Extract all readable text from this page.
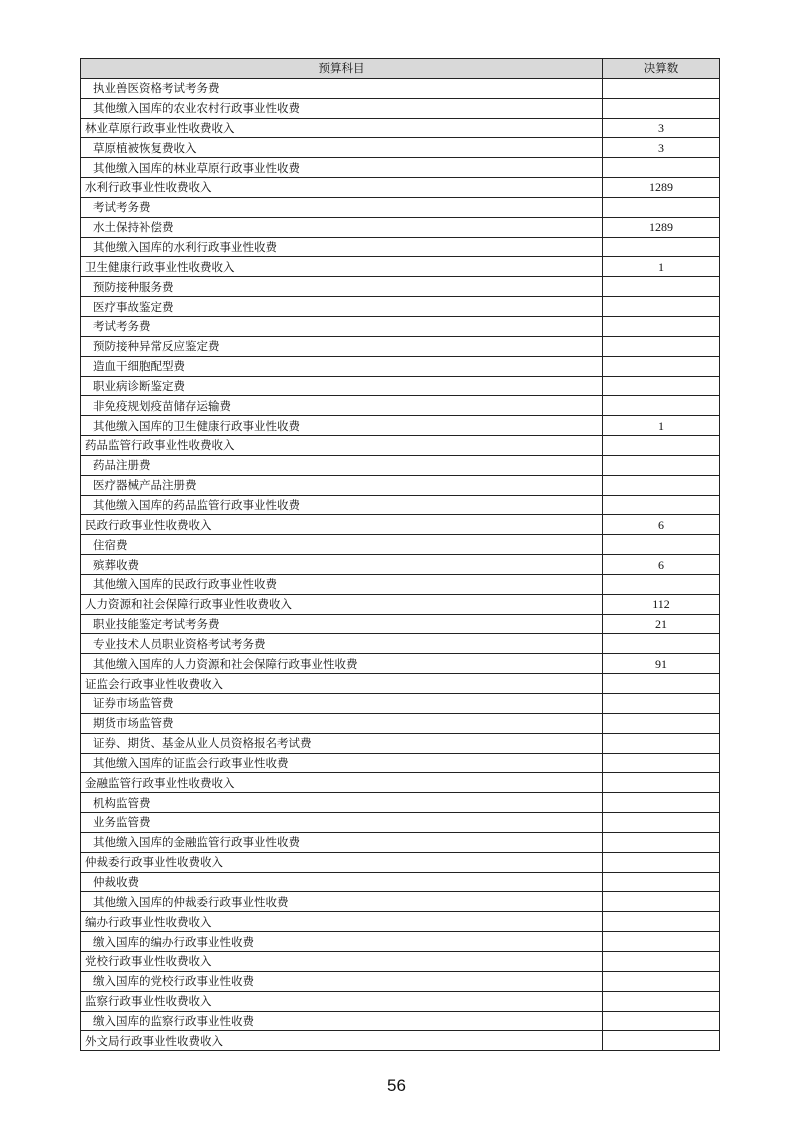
预算科目	决算数
执业兽医资格考试考务费	
其他缴入国库的农业农村行政事业性收费	
林业草原行政事业性收费收入	3
草原植被恢复费收入	3
其他缴入国库的林业草原行政事业性收费	
水利行政事业性收费收入	1289
考试考务费	
水土保持补偿费	1289
其他缴入国库的水利行政事业性收费	
卫生健康行政事业性收费收入	1
预防接种服务费	
医疗事故鉴定费	
考试考务费	
预防接种异常反应鉴定费	
造血干细胞配型费	
职业病诊断鉴定费	
非免疫规划疫苗储存运输费	
其他缴入国库的卫生健康行政事业性收费	1
药品监管行政事业性收费收入	
药品注册费	
医疗器械产品注册费	
其他缴入国库的药品监管行政事业性收费	
民政行政事业性收费收入	6
住宿费	
殡葬收费	6
其他缴入国库的民政行政事业性收费	
人力资源和社会保障行政事业性收费收入	112
职业技能鉴定考试考务费	21
专业技术人员职业资格考试考务费	
其他缴入国库的人力资源和社会保障行政事业性收费	91
证监会行政事业性收费收入	
证券市场监管费	
期货市场监管费	
证券、期货、基金从业人员资格报名考试费	
其他缴入国库的证监会行政事业性收费	
金融监管行政事业性收费收入	
机构监管费	
业务监管费	
其他缴入国库的金融监管行政事业性收费	
仲裁委行政事业性收费收入	
仲裁收费	
其他缴入国库的仲裁委行政事业性收费	
编办行政事业性收费收入	
缴入国库的编办行政事业性收费	
党校行政事业性收费收入	
缴入国库的党校行政事业性收费	
监察行政事业性收费收入	
缴入国库的监察行政事业性收费	
外文局行政事业性收费收入	
56
